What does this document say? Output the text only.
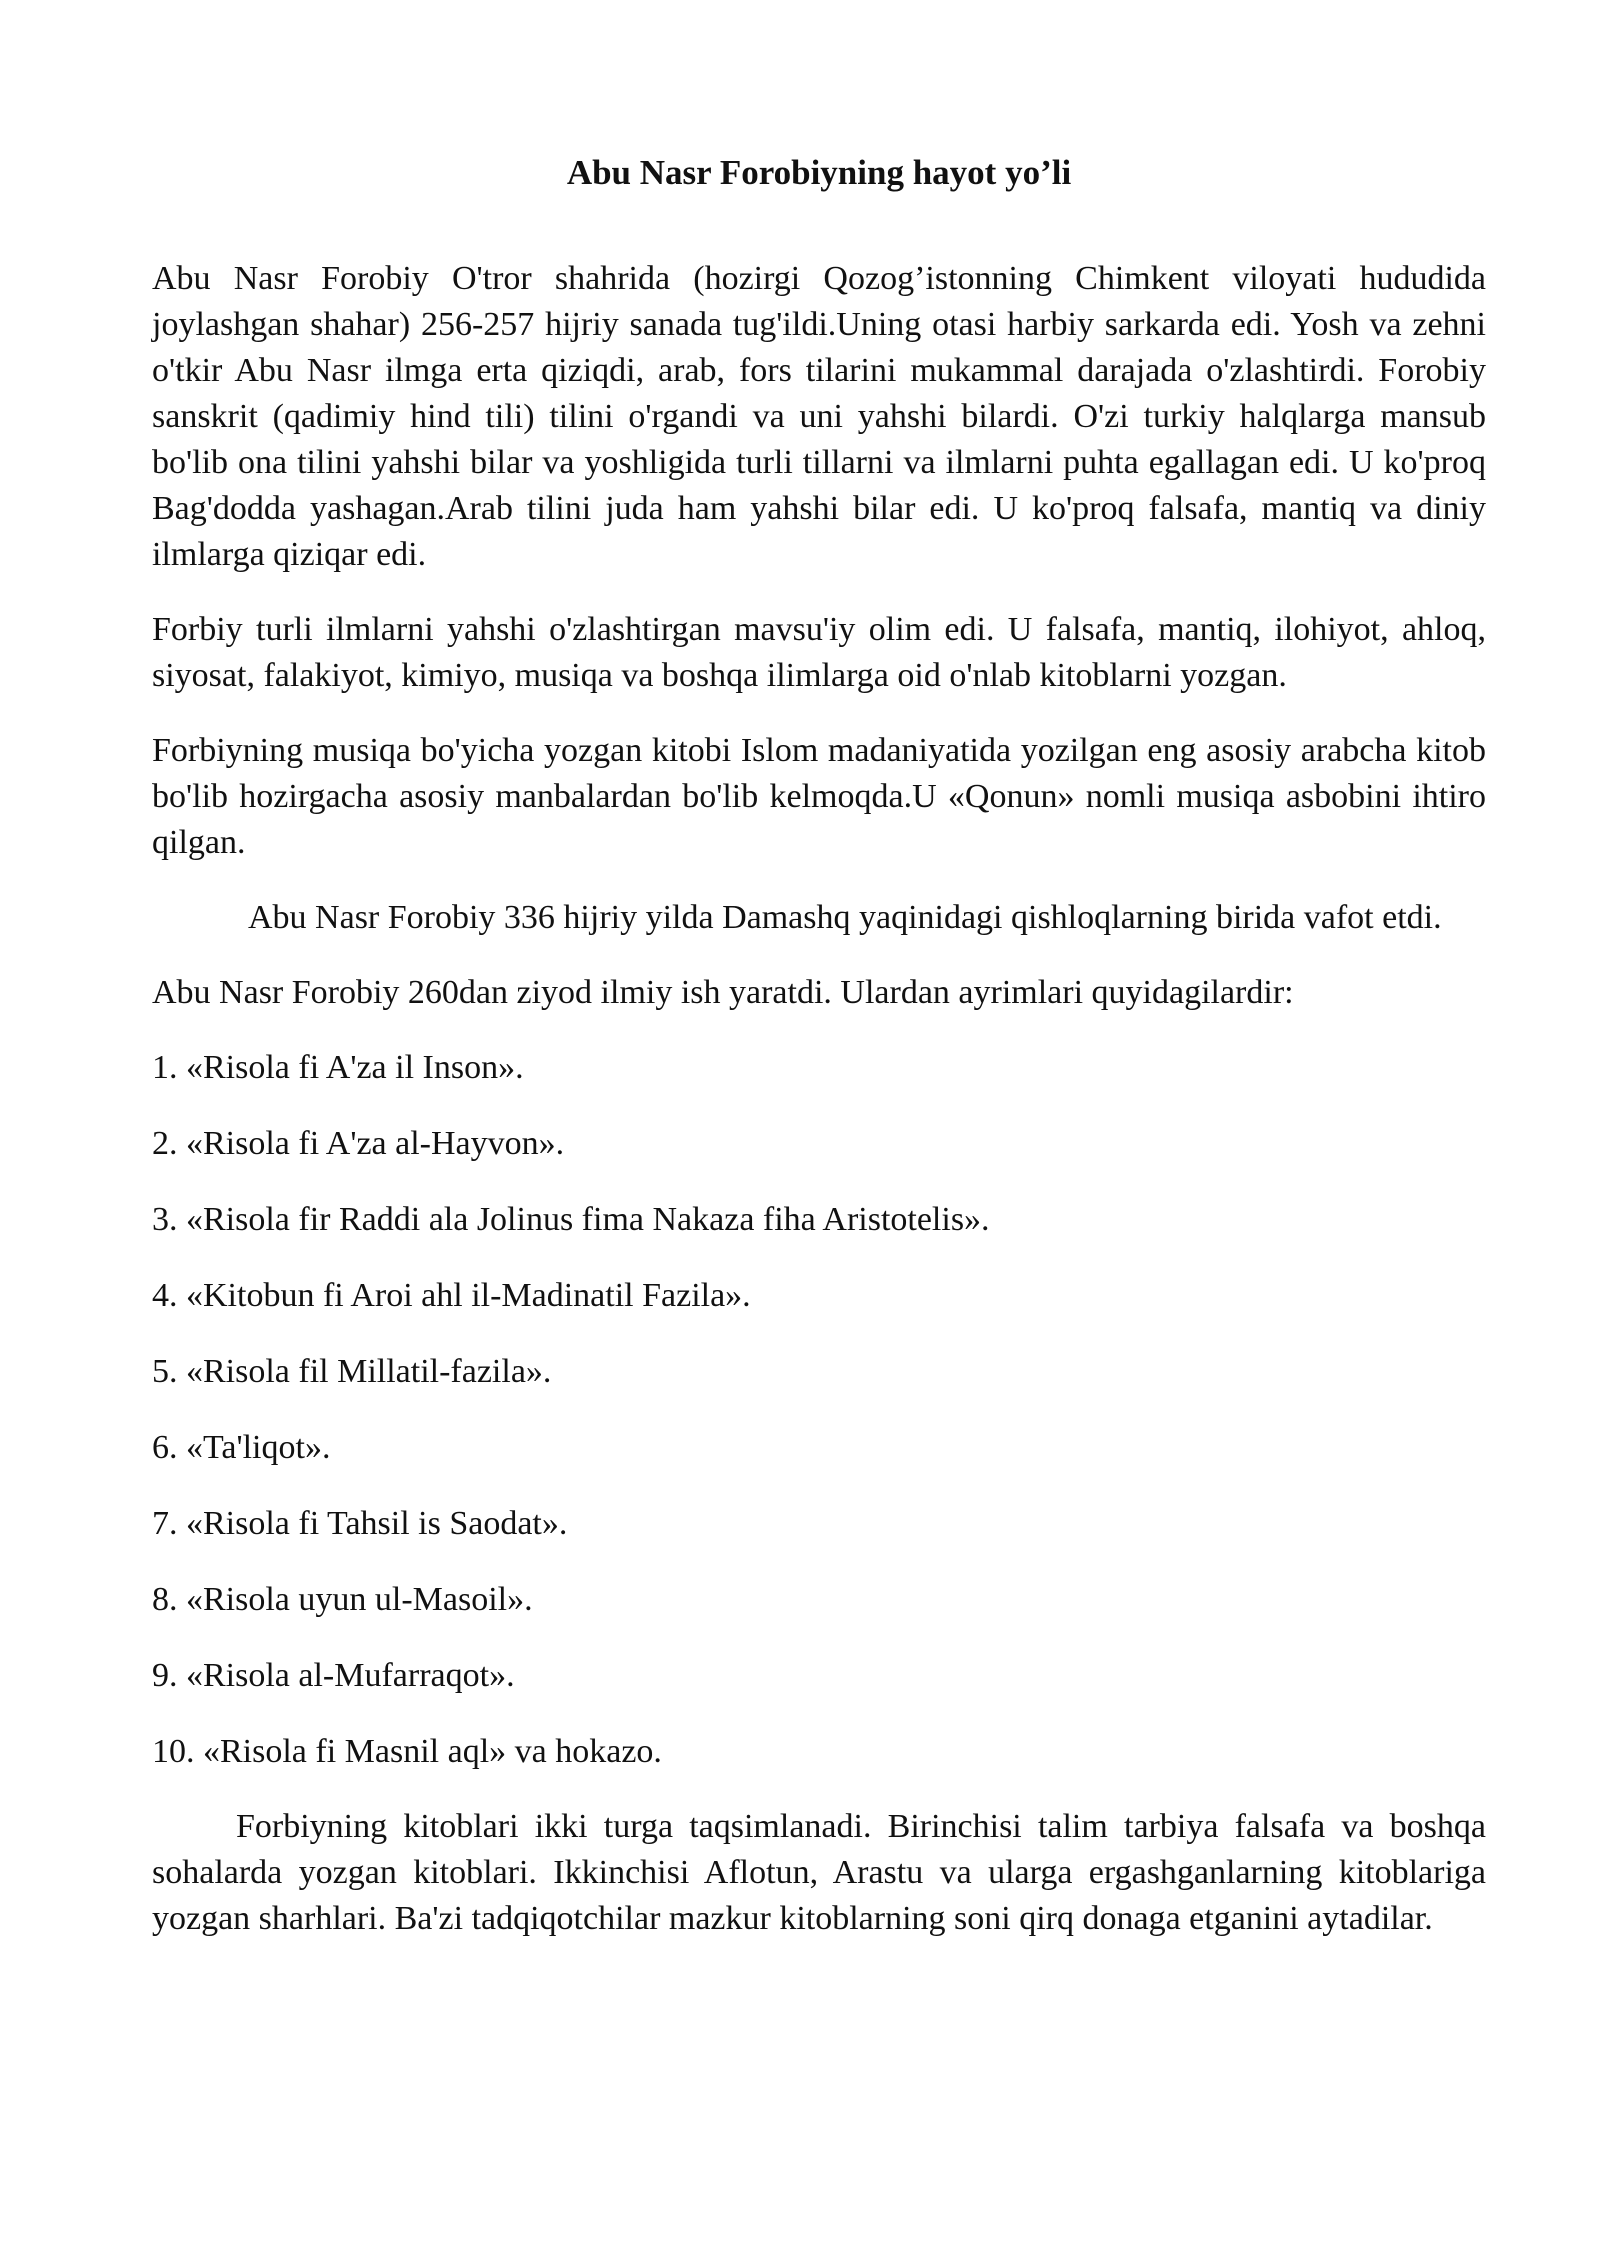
Abu Nasr Forobiyning hayot yo’li

Abu Nasr Forobiy O'tror shahrida (hozirgi Qozog’istonning Chimkent viloyati hududida joylashgan shahar) 256-257 hijriy sanada tug'ildi.Uning otasi harbiy sarkarda edi. Yosh va zehni o'tkir Abu Nasr ilmga erta qiziqdi, arab, fors tilarini mukammal darajada o'zlashtirdi. Forobiy sanskrit (qadimiy hind tili) tilini o'rgandi va uni yahshi bilardi. O'zi turkiy halqlarga mansub bo'lib ona tilini yahshi bilar va yoshligida turli tillarni va ilmlarni puhta egallagan edi. U ko'proq Bag'dodda yashagan.Arab tilini juda ham yahshi bilar edi. U ko'proq falsafa, mantiq va diniy ilmlarga qiziqar edi.

Forbiy turli ilmlarni yahshi o'zlashtirgan mavsu'iy olim edi. U falsafa, mantiq, ilohiyot, ahloq, siyosat, falakiyot, kimiyo, musiqa va boshqa ilimlarga oid o'nlab kitoblarni yozgan.

Forbiyning musiqa bo'yicha yozgan kitobi Islom madaniyatida yozilgan eng asosiy arabcha kitob bo'lib hozirgacha asosiy manbalardan bo'lib kelmoqda.U «Qonun» nomli musiqa asbobini ihtiro qilgan.

Abu Nasr Forobiy 336 hijriy yilda Damashq yaqinidagi qishloqlarning birida vafot etdi.

Abu Nasr Forobiy 260dan ziyod ilmiy ish yaratdi. Ulardan ayrimlari quyidagilardir:

1. «Risola fi A'za il Inson».
2. «Risola fi A'za al-Hayvon».
3. «Risola fir Raddi ala Jolinus fima Nakaza fiha Aristotelis».
4. «Kitobun fi Aroi ahl il-Madinatil Fazila».
5. «Risola fil Millatil-fazila».
6. «Ta'liqot».
7. «Risola fi Tahsil is Saodat».
8. «Risola uyun ul-Masoil».
9. «Risola al-Mufarraqot».
10. «Risola fi Masnil aql» va hokazo.

Forbiyning kitoblari ikki turga taqsimlanadi. Birinchisi talim tarbiya falsafa va boshqa sohalarda yozgan kitoblari. Ikkinchisi Aflotun, Arastu va ularga ergashganlarning kitoblariga yozgan sharhlari. Ba'zi tadqiqotchilar mazkur kitoblarning soni qirq donaga etganini aytadilar.
